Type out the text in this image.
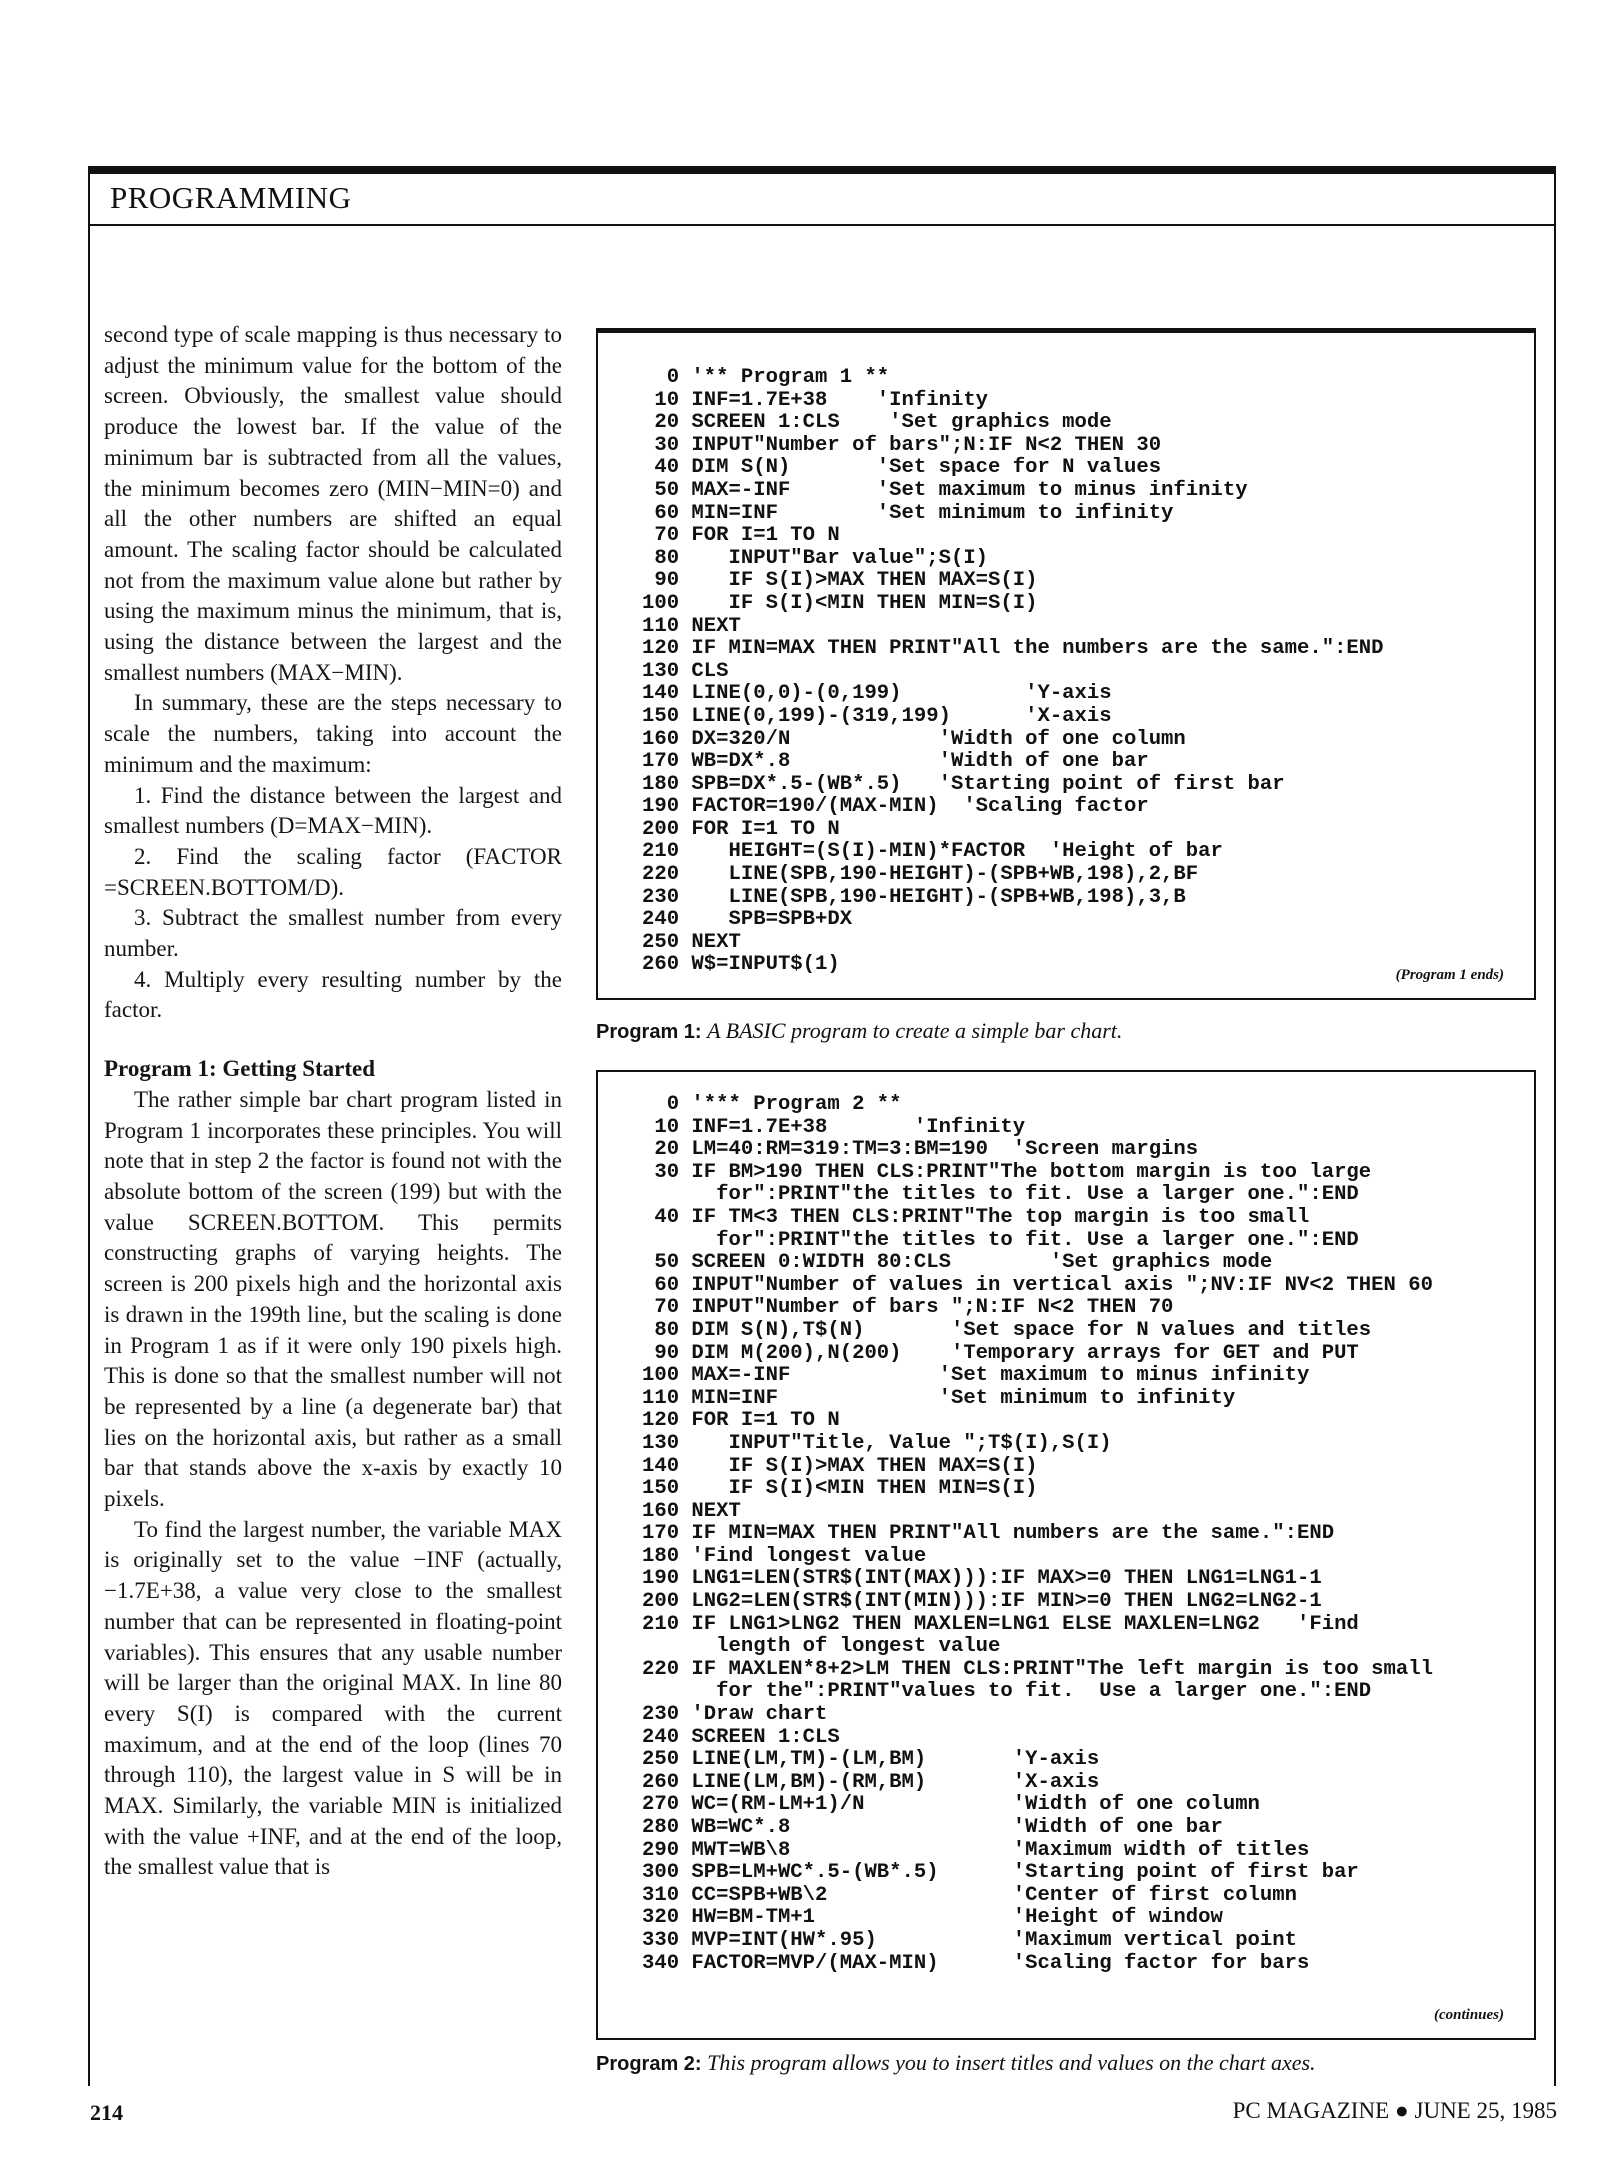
PROGRAMMING

second type of scale mapping is thus necessary to adjust the minimum value for the bottom of the screen. Obviously, the smallest value should produce the lowest bar. If the value of the minimum bar is subtracted from all the values, the minimum becomes zero (MIN−MIN=0) and all the other numbers are shifted an equal amount. The scaling factor should be calculated not from the maximum value alone but rather by using the maximum minus the minimum, that is, using the distance between the largest and the smallest numbers (MAX−MIN).

In summary, these are the steps necessary to scale the numbers, taking into account the minimum and the maximum:

1. Find the distance between the largest and smallest numbers (D=MAX−MIN).

2. Find the scaling factor (FACTOR =SCREEN.BOTTOM/D).

3. Subtract the smallest number from every number.

4. Multiply every resulting number by the factor.

Program 1: Getting Started

The rather simple bar chart program listed in Program 1 incorporates these principles. You will note that in step 2 the factor is found not with the absolute bottom of the screen (199) but with the value SCREEN.BOTTOM. This permits constructing graphs of varying heights. The screen is 200 pixels high and the horizontal axis is drawn in the 199th line, but the scaling is done in Program 1 as if it were only 190 pixels high. This is done so that the smallest number will not be represented by a line (a degenerate bar) that lies on the horizontal axis, but rather as a small bar that stands above the x-axis by exactly 10 pixels.

To find the largest number, the variable MAX is originally set to the value −INF (actually, −1.7E+38, a value very close to the smallest number that can be represented in floating-point variables). This ensures that any usable number will be larger than the original MAX. In line 80 every S(I) is compared with the current maximum, and at the end of the loop (lines 70 through 110), the largest value in S will be in MAX. Similarly, the variable MIN is initialized with the value +INF, and at the end of the loop, the smallest value that is

0 '** Program 1 **
10 INF=1.7E+38    'Infinity
20 SCREEN 1:CLS    'Set graphics mode
30 INPUT"Number of bars";N:IF N<2 THEN 30
40 DIM S(N)       'Set space for N values
50 MAX=-INF       'Set maximum to minus infinity
60 MIN=INF        'Set minimum to infinity
70 FOR I=1 TO N
80    INPUT"Bar value";S(I)
90    IF S(I)>MAX THEN MAX=S(I)
100    IF S(I)<MIN THEN MIN=S(I)
110 NEXT
120 IF MIN=MAX THEN PRINT"All the numbers are the same.":END
130 CLS
140 LINE(0,0)-(0,199)          'Y-axis
150 LINE(0,199)-(319,199)      'X-axis
160 DX=320/N            'Width of one column
170 WB=DX*.8            'Width of one bar
180 SPB=DX*.5-(WB*.5)   'Starting point of first bar
190 FACTOR=190/(MAX-MIN)  'Scaling factor
200 FOR I=1 TO N
210    HEIGHT=(S(I)-MIN)*FACTOR  'Height of bar
220    LINE(SPB,190-HEIGHT)-(SPB+WB,198),2,BF
230    LINE(SPB,190-HEIGHT)-(SPB+WB,198),3,B
240    SPB=SPB+DX
250 NEXT
260 W$=INPUT$(1)	(Program 1 ends)
Program 1: A BASIC program to create a simple bar chart.
0 '*** Program 2 **
10 INF=1.7E+38       'Infinity
20 LM=40:RM=319:TM=3:BM=190  'Screen margins
30 IF BM>190 THEN CLS:PRINT"The bottom margin is too large
for":PRINT"the titles to fit. Use a larger one.":END
40 IF TM<3 THEN CLS:PRINT"The top margin is too small
for":PRINT"the titles to fit. Use a larger one.":END
50 SCREEN 0:WIDTH 80:CLS        'Set graphics mode
60 INPUT"Number of values in vertical axis ";NV:IF NV<2 THEN 60
70 INPUT"Number of bars ";N:IF N<2 THEN 70
80 DIM S(N),T$(N)       'Set space for N values and titles
90 DIM M(200),N(200)    'Temporary arrays for GET and PUT
100 MAX=-INF            'Set maximum to minus infinity
110 MIN=INF             'Set minimum to infinity
120 FOR I=1 TO N
130    INPUT"Title, Value ";T$(I),S(I)
140    IF S(I)>MAX THEN MAX=S(I)
150    IF S(I)<MIN THEN MIN=S(I)
160 NEXT
170 IF MIN=MAX THEN PRINT"All numbers are the same.":END
180 'Find longest value
190 LNG1=LEN(STR$(INT(MAX))):IF MAX>=0 THEN LNG1=LNG1-1
200 LNG2=LEN(STR$(INT(MIN))):IF MIN>=0 THEN LNG2=LNG2-1
210 IF LNG1>LNG2 THEN MAXLEN=LNG1 ELSE MAXLEN=LNG2   'Find
length of longest value
220 IF MAXLEN*8+2>LM THEN CLS:PRINT"The left margin is too small
for the":PRINT"values to fit.  Use a larger one.":END
230 'Draw chart
240 SCREEN 1:CLS
250 LINE(LM,TM)-(LM,BM)       'Y-axis
260 LINE(LM,BM)-(RM,BM)       'X-axis
270 WC=(RM-LM+1)/N            'Width of one column
280 WB=WC*.8                  'Width of one bar
290 MWT=WB\8                  'Maximum width of titles
300 SPB=LM+WC*.5-(WB*.5)      'Starting point of first bar
310 CC=SPB+WB\2               'Center of first column
320 HW=BM-TM+1                'Height of window
330 MVP=INT(HW*.95)           'Maximum vertical point
340 FACTOR=MVP/(MAX-MIN)      'Scaling factor for bars
(continues)
Program 2: This program allows you to insert titles and values on the chart axes.
214	PC MAGAZINE ● JUNE 25, 1985
